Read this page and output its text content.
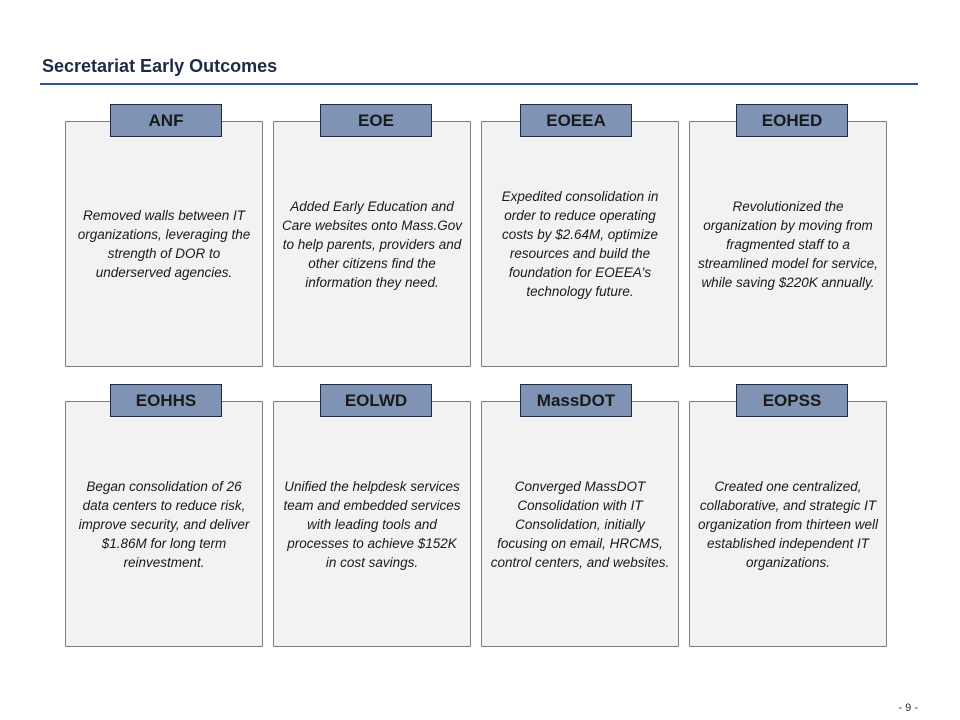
Secretariat Early Outcomes
Removed walls between IT organizations, leveraging the strength of DOR to underserved agencies.
ANF
Added Early Education and Care websites onto Mass.Gov to help parents, providers and other citizens find the information they need.
EOE
Expedited consolidation in order to reduce operating costs by $2.64M, optimize resources and build the foundation for EOEEA's technology future.
EOEEA
Revolutionized the organization by moving from fragmented staff to a streamlined model for service, while saving $220K annually.
EOHED
Began consolidation of 26 data centers to reduce risk, improve security, and deliver $1.86M for long term reinvestment.
EOHHS
Unified the helpdesk services team and embedded services with leading tools and processes to achieve $152K in cost savings.
EOLWD
Converged MassDOT Consolidation with IT Consolidation, initially focusing on email, HRCMS, control centers, and websites.
MassDOT
Created one centralized, collaborative, and strategic IT organization from thirteen well established independent IT organizations.
EOPSS
- 9 -
